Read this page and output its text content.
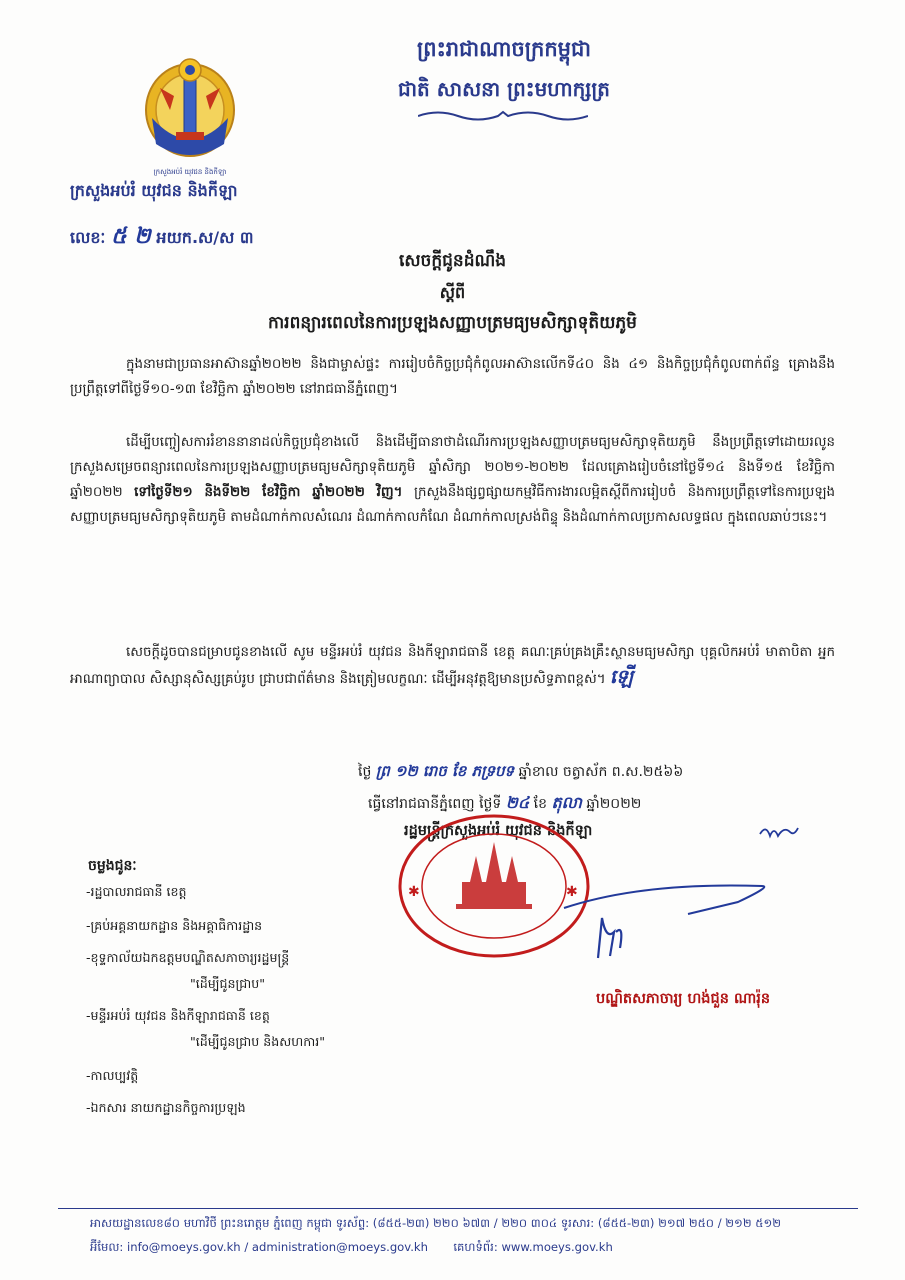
ក្រសួងអប់រំ យុវជន និងកីឡា
ព្រះរាជាណាចក្រកម្ពុជា
ជាតិ សាសនា ព្រះមហាក្សត្រ
ក្រសួងអប់រំ យុវជន និងកីឡា
លេខៈ ៥ ២ អយក.ស/ស ៣
សេចក្តីជូនដំណឹង
ស្តីពី
ការពន្យារពេលនៃការប្រឡងសញ្ញាបត្រមធ្យមសិក្សាទុតិយភូមិ
ក្នុងនាមជាប្រធានអាស៊ានឆ្នាំ២០២២ និងជាម្ចាស់ផ្ទះ ការរៀបចំកិច្ចប្រជុំកំពូលអាស៊ានលើកទី៤០ និង ៤១ និងកិច្ចប្រជុំកំពូលពាក់ព័ន្ធ គ្រោងនឹងប្រព្រឹត្តទៅពីថ្ងៃទី១០-១៣ ខែវិច្ឆិកា ឆ្នាំ២០២២ នៅរាជធានីភ្នំពេញ។
ដើម្បីបញ្ចៀសការរំខាននានាដល់កិច្ចប្រជុំខាងលើ និងដើម្បីធានាថាដំណើរការប្រឡងសញ្ញាបត្រមធ្យមសិក្សាទុតិយភូមិ នឹងប្រព្រឹត្តទៅដោយរលូន ក្រសួងសម្រេចពន្យារពេលនៃការប្រឡងសញ្ញាបត្រមធ្យមសិក្សាទុតិយភូមិ ឆ្នាំសិក្សា ២០២១-២០២២ ដែលគ្រោងរៀបចំនៅថ្ងៃទី១៤ និងទី១៥ ខែវិច្ឆិកា ឆ្នាំ២០២២ ទៅថ្ងៃទី២១ និងទី២២ ខែវិច្ឆិកា ឆ្នាំ២០២២ វិញ។ ក្រសួងនឹងផ្សព្វផ្សាយកម្មវិធីការងារលម្អិតស្តីពីការរៀបចំ និងការប្រព្រឹត្តទៅនៃការប្រឡងសញ្ញាបត្រមធ្យមសិក្សាទុតិយភូមិ តាមដំណាក់កាលសំណេរ ដំណាក់កាលកំណែ ដំណាក់កាលស្រង់ពិន្ទុ និងដំណាក់កាលប្រកាសលទ្ធផល ក្នុងពេលឆាប់ៗនេះ។
សេចក្តីដូចបានជម្រាបជូនខាងលើ សូម មន្ទីរអប់រំ យុវជន និងកីឡារាជធានី ខេត្ត គណៈគ្រប់គ្រងគ្រឹះស្ថានមធ្យមសិក្សា បុគ្គលិកអប់រំ មាតាបិតា អ្នកអាណាព្យាបាល សិស្សានុសិស្សគ្រប់រូប ជ្រាបជាព័ត៌មាន និងត្រៀមលក្ខណៈ ដើម្បីអនុវត្តឱ្យមានប្រសិទ្ធភាពខ្ពស់។ ឡើ
ថ្ងៃ ព្រ ១២ រោច ខែ ភទ្របទ ឆ្នាំខាល ចត្វាស័ក ព.ស.២៥៦៦
ធ្វើនៅរាជធានីភ្នំពេញ ថ្ងៃទី ២៤ ខែ តុលា ឆ្នាំ២០២២
រដ្ឋមន្ត្រីក្រសួងអប់រំ យុវជន និងកីឡា
✱	✱
បណ្ឌិតសភាចារ្យ ហង់ជួន ណារ៉ុន
ចម្លងជូនៈ
-រដ្ឋបាលរាជធានី ខេត្ត
-គ្រប់អគ្គនាយកដ្ឋាន និងអគ្គាធិការដ្ឋាន
-ខុទ្ទកាល័យឯកឧត្តមបណ្ឌិតសភាចារ្យរដ្ឋមន្ត្រី
"ដើម្បីជូនជ្រាប"
-មន្ទីរអប់រំ យុវជន និងកីឡារាជធានី ខេត្ត
"ដើម្បីជូនជ្រាប និងសហការ"
-កាលប្បវត្តិ
-ឯកសារ នាយកដ្ឋានកិច្ចការប្រឡង
អាសយដ្ឋានលេខ៨០ មហាវិថី ព្រះនរោត្តម ភ្នំពេញ កម្ពុជា ទូរស័ព្ទ: (៨៥៥-២៣) ២២០ ៦៧៣ / ២២០ ៣០៤ ទូរសារ: (៨៥៥-២៣) ២១៧ ២៥០ / ២១២ ៥១២
អ៊ីមែល: info@moeys.gov.kh / administration@moeys.gov.kh គេហទំព័រ: www.moeys.gov.kh
